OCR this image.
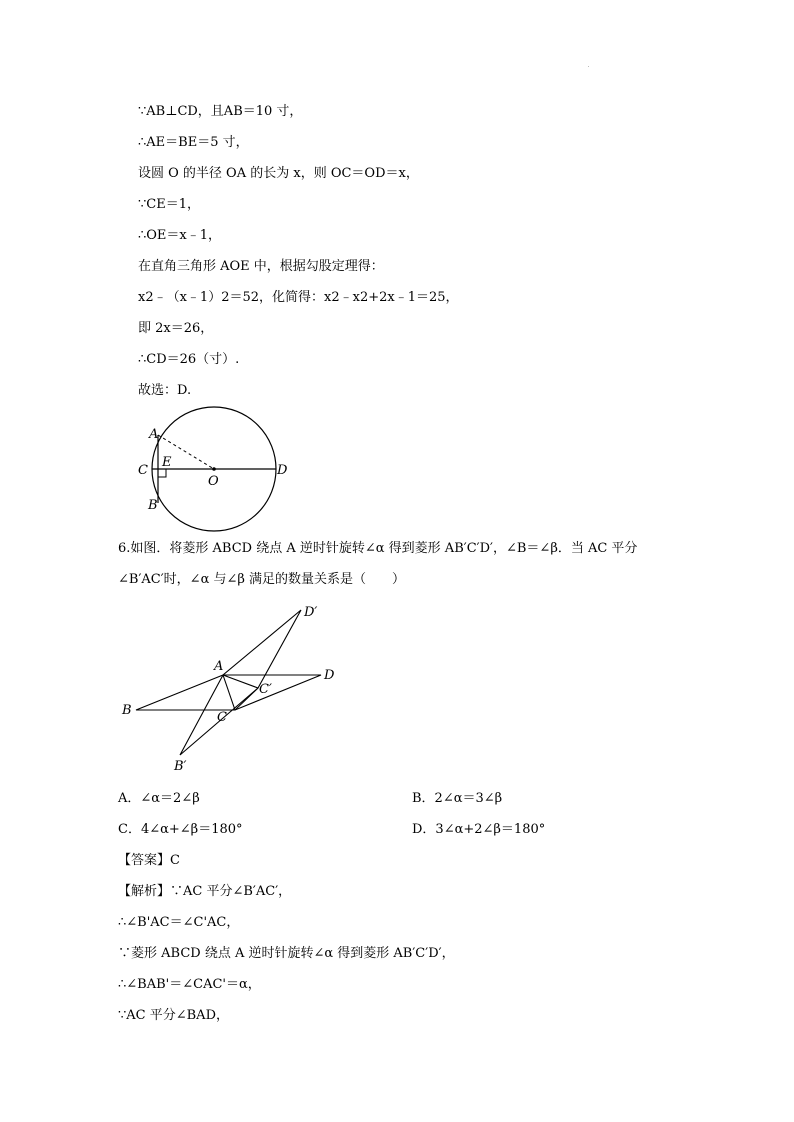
∵AB⊥CD，且AB＝10 寸，
∴AE＝BE＝5 寸，
设圆 O 的半径 OA 的长为 x，则 OC＝OD＝x，
∵CE＝1，
∴OE＝x﹣1，
在直角三角形 AOE 中，根据勾股定理得：
x2﹣（x﹣1）2＝52，化简得：x2﹣x2+2x﹣1＝25，
即 2x＝26，
∴CD＝26（寸）.
故选：D.
A
C
E
O
D
B
6.如图．将菱形 ABCD 绕点 A 逆时针旋转∠α 得到菱形 AB′C′D′，∠B＝∠β．当 AC 平分
∠B′AC′时，∠α 与∠β 满足的数量关系是（　　）
A
B	C
D
B′
C′
D′
A．∠α＝2∠β	B．2∠α＝3∠β
C．4∠α+∠β＝180°	D．3∠α+2∠β＝180°
【答案】C
【解析】∵AC 平分∠B′AC′，
∴∠B'AC＝∠C'AC，
∵菱形 ABCD 绕点 A 逆时针旋转∠α 得到菱形 AB′C′D′，
∴∠BAB'＝∠CAC'＝α，
∵AC 平分∠BAD，
